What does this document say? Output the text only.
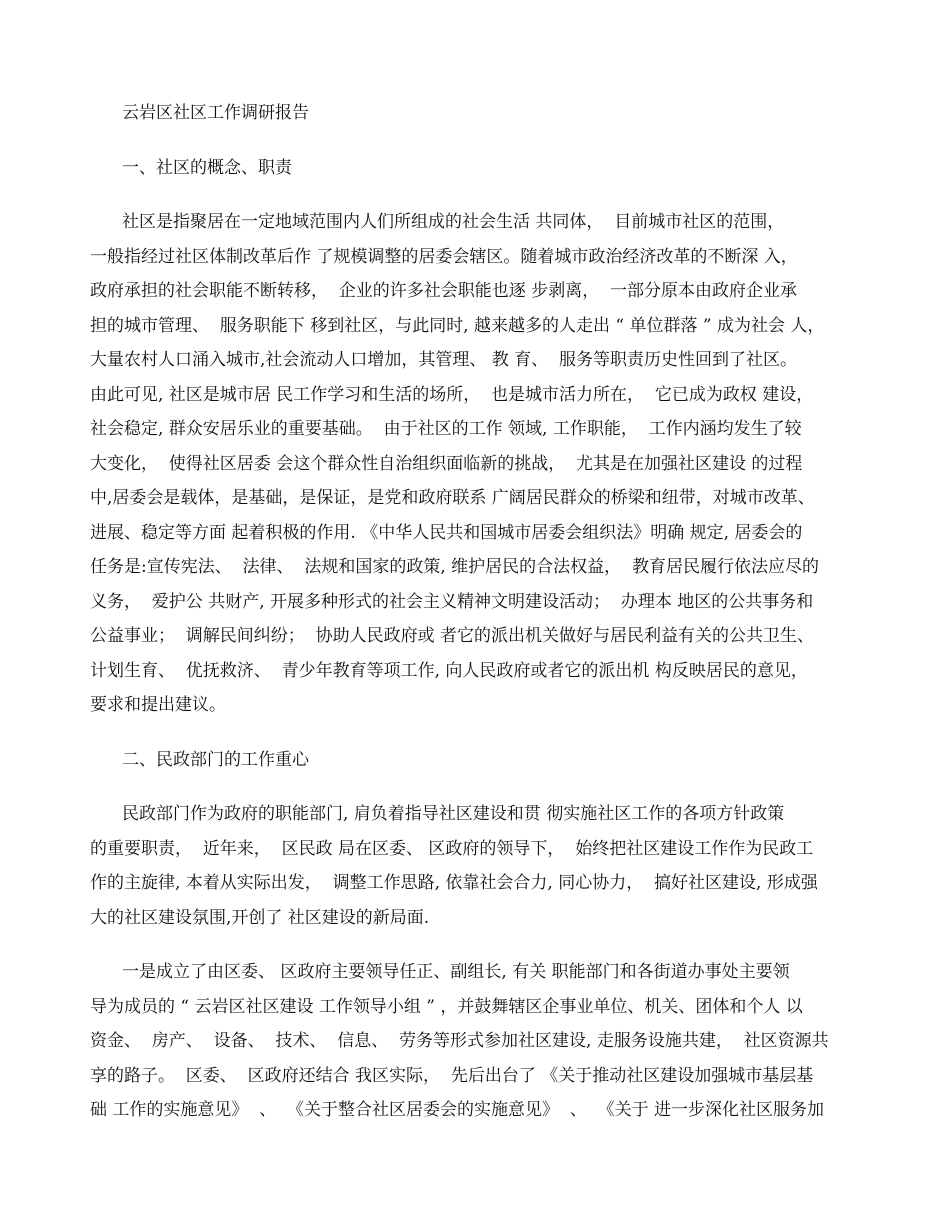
云岩区社区工作调研报告
一、社区的概念、职责
社区是指聚居在一定地域范围内人们所组成的社会生活 共同体，  目前城市社区的范围，
一般指经过社区体制改革后作 了规模调整的居委会辖区。随着城市政治经济改革的不断深 入，
政府承担的社会职能不断转移，  企业的许多社会职能也逐 步剥离，  一部分原本由政府企业承
担的城市管理、  服务职能下 移到社区，与此同时, 越来越多的人走出 “ 单位群落 ” 成为社会 人，
大量农村人口涌入城市,社会流动人口增加，其管理、 教 育、  服务等职责历史性回到了社区。
由此可见, 社区是城市居 民工作学习和生活的场所，  也是城市活力所在，  它已成为政权 建设，
社会稳定, 群众安居乐业的重要基础。  由于社区的工作 领域, 工作职能，  工作内涵均发生了较
大变化，  使得社区居委 会这个群众性自治组织面临新的挑战，  尤其是在加强社区建设 的过程
中,居委会是载体，是基础，是保证，是党和政府联系 广阔居民群众的桥梁和纽带，对城市改革、
进展、稳定等方面 起着积极的作用. 《中华人民共和国城市居委会组织法》明确 规定, 居委会的
任务是:宣传宪法、  法律、  法规和国家的政策, 维护居民的合法权益，  教育居民履行依法应尽的
义务，  爱护公 共财产, 开展多种形式的社会主义精神文明建设活动；  办理本 地区的公共事务和
公益事业；  调解民间纠纷；  协助人民政府或 者它的派出机关做好与居民利益有关的公共卫生、
计划生育、  优抚救济、  青少年教育等项工作, 向人民政府或者它的派出机 构反映居民的意见，
要求和提出建议。
二、民政部门的工作重心
民政部门作为政府的职能部门, 肩负着指导社区建设和贯 彻实施社区工作的各项方针政策
的重要职责，  近年来，  区民政 局在区委、 区政府的领导下，  始终把社区建设工作作为民政工
作的主旋律, 本着从实际出发，  调整工作思路, 依靠社会合力, 同心协力，  搞好社区建设, 形成强
大的社区建设氛围,开创了 社区建设的新局面.
一是成立了由区委、 区政府主要领导任正、副组长, 有关 职能部门和各街道办事处主要领
导为成员的 “ 云岩区社区建设 工作领导小组 ” ，并鼓舞辖区企事业单位、机关、团体和个人 以
资金、  房产、  设备、  技术、  信息、  劳务等形式参加社区建设, 走服务设施共建，  社区资源共
享的路子。  区委、  区政府还结合 我区实际，  先后出台了 《关于推动社区建设加强城市基层基
础 工作的实施意见》  、  《关于整合社区居委会的实施意见》  、  《关于 进一步深化社区服务加
